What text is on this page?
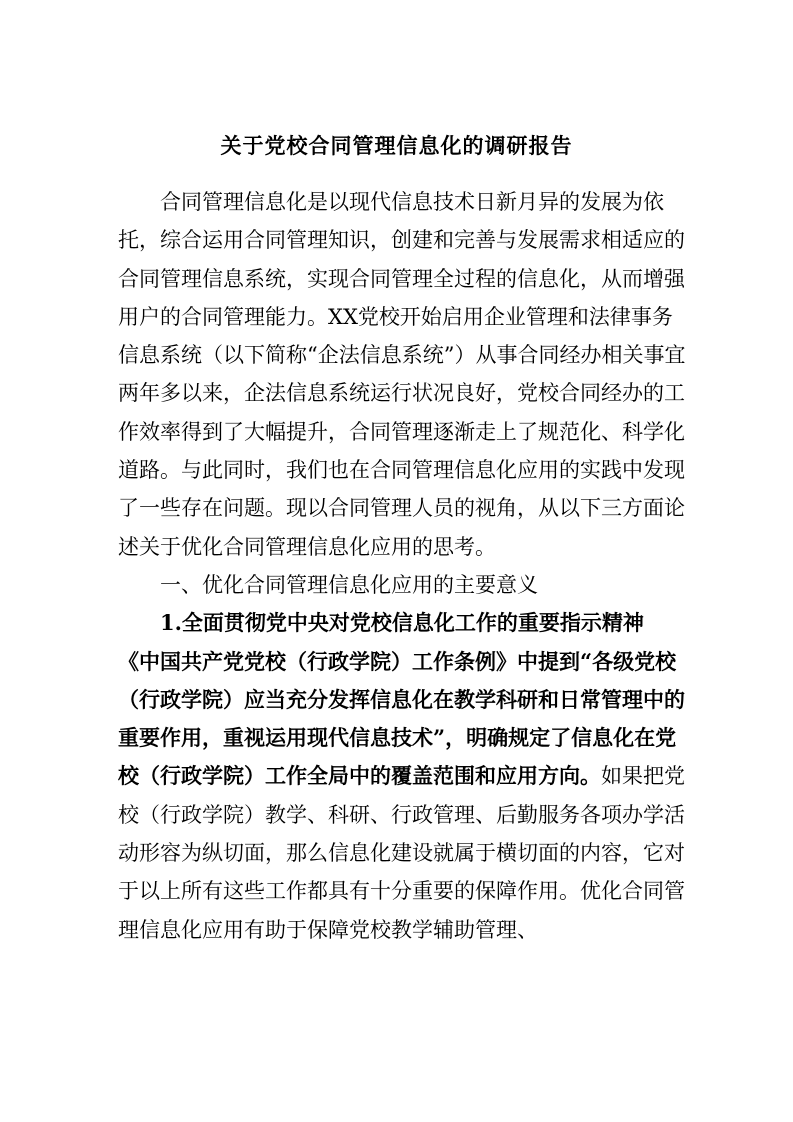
关于党校合同管理信息化的调研报告

合同管理信息化是以现代信息技术日新月异的发展为依托，综合运用合同管理知识，创建和完善与发展需求相适应的合同管理信息系统，实现合同管理全过程的信息化，从而增强用户的合同管理能力。XX党校开始启用企业管理和法律事务信息系统（以下简称“企法信息系统”）从事合同经办相关事宜两年多以来，企法信息系统运行状况良好，党校合同经办的工作效率得到了大幅提升，合同管理逐渐走上了规范化、科学化道路。与此同时，我们也在合同管理信息化应用的实践中发现了一些存在问题。现以合同管理人员的视角，从以下三方面论述关于优化合同管理信息化应用的思考。

一、优化合同管理信息化应用的主要意义

1.全面贯彻党中央对党校信息化工作的重要指示精神

《中国共产党党校（行政学院）工作条例》中提到“各级党校（行政学院）应当充分发挥信息化在教学科研和日常管理中的重要作用，重视运用现代信息技术”，明确规定了信息化在党校（行政学院）工作全局中的覆盖范围和应用方向。如果把党校（行政学院）教学、科研、行政管理、后勤服务各项办学活动形容为纵切面，那么信息化建设就属于横切面的内容，它对于以上所有这些工作都具有十分重要的保障作用。优化合同管理信息化应用有助于保障党校教学辅助管理、
